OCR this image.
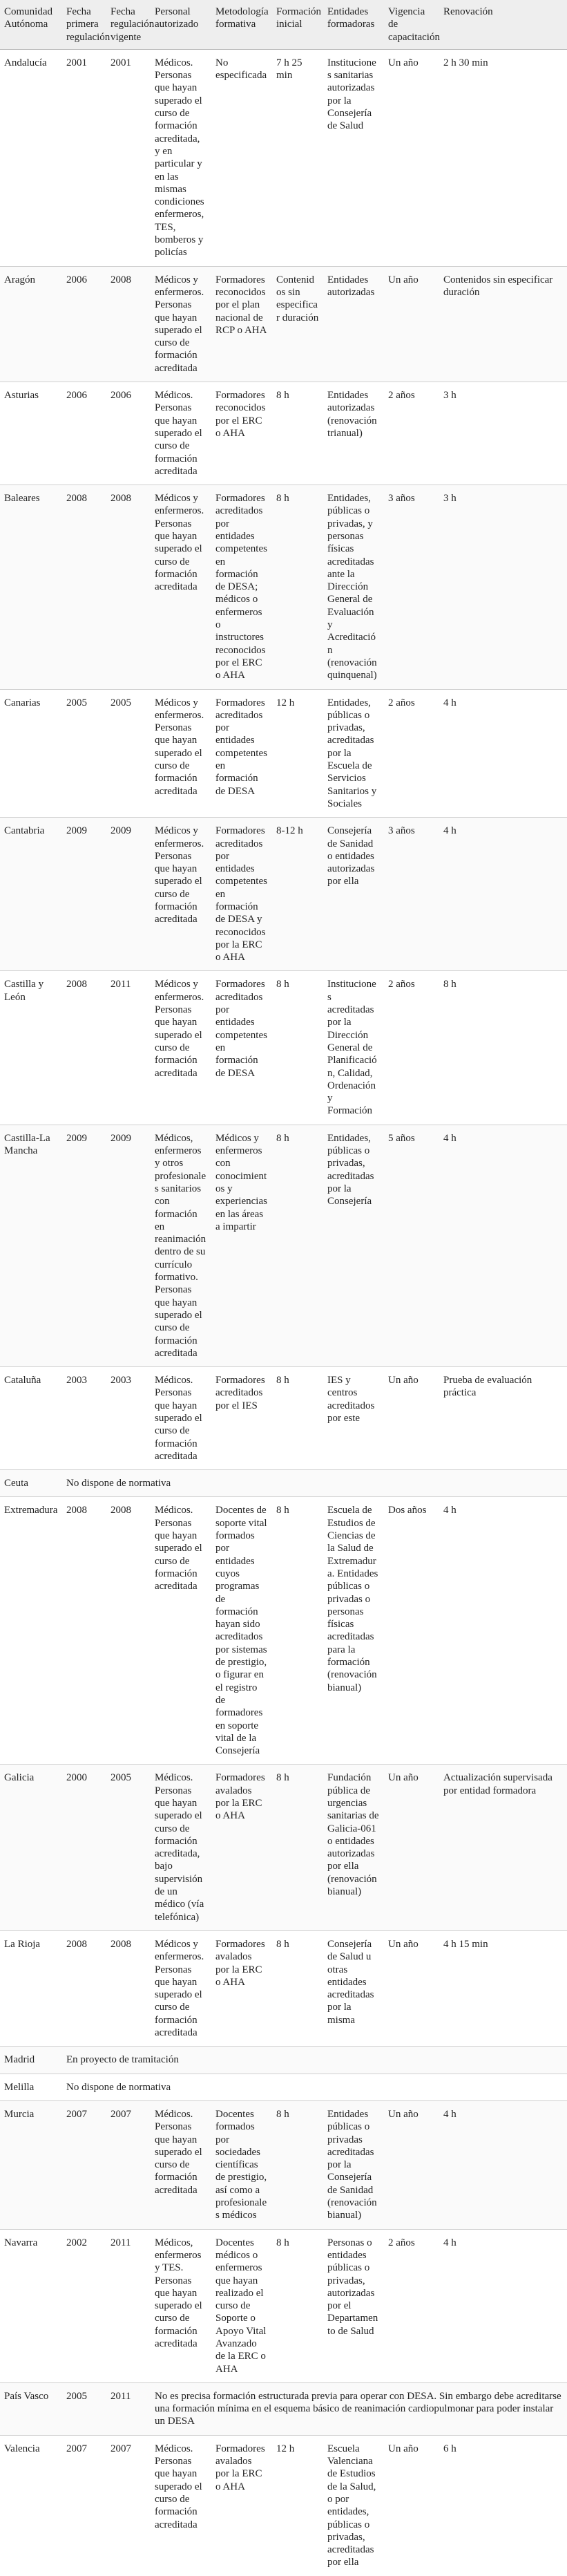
Comunidad Autónoma	Fecha primera regulación	Fecha regulación vigente	Personal autorizado	Metodología formativa	Formación inicial	Entidades formadoras	Vigencia de capacitación	Renovación
Andalucía	2001	2001	Médicos. Personas que hayan superado el curso de formación acreditada, y en particular y en las mismas condiciones enfermeros, TES, bomberos y policías	No especificada	7 h 25 min	Instituciones sanitarias autorizadas por la Consejería de Salud	Un año	2 h 30 min
Aragón	2006	2008	Médicos y enfermeros. Personas que hayan superado el curso de formación acreditada	Formadores reconocidos por el plan nacional de RCP o AHA	Contenidos sin especificar duración	Entidades autorizadas	Un año	Contenidos sin especificar duración
Asturias	2006	2006	Médicos. Personas que hayan superado el curso de formación acreditada	Formadores reconocidos por el ERC o AHA	8 h	Entidades autorizadas (renovación trianual)	2 años	3 h
Baleares	2008	2008	Médicos y enfermeros. Personas que hayan superado el curso de formación acreditada	Formadores acreditados por entidades competentes en formación de DESA; médicos o enfermeros o instructores reconocidos por el ERC o AHA	8 h	Entidades, públicas o privadas, y personas físicas acreditadas ante la Dirección General de Evaluación y Acreditación (renovación quinquenal)	3 años	3 h
Canarias	2005	2005	Médicos y enfermeros. Personas que hayan superado el curso de formación acreditada	Formadores acreditados por entidades competentes en formación de DESA	12 h	Entidades, públicas o privadas, acreditadas por la Escuela de Servicios Sanitarios y Sociales	2 años	4 h
Cantabria	2009	2009	Médicos y enfermeros. Personas que hayan superado el curso de formación acreditada	Formadores acreditados por entidades competentes en formación de DESA y reconocidos por la ERC o AHA	8-12 h	Consejería de Sanidad o entidades autorizadas por ella	3 años	4 h
Castilla y León	2008	2011	Médicos y enfermeros. Personas que hayan superado el curso de formación acreditada	Formadores acreditados por entidades competentes en formación de DESA	8 h	Instituciones acreditadas por la Dirección General de Planificación, Calidad, Ordenación y Formación	2 años	8 h
Castilla-La Mancha	2009	2009	Médicos, enfermeros y otros profesionales sanitarios con formación en reanimación dentro de su currículo formativo. Personas que hayan superado el curso de formación acreditada	Médicos y enfermeros con conocimientos y experiencias en las áreas a impartir	8 h	Entidades, públicas o privadas, acreditadas por la Consejería	5 años	4 h
Cataluña	2003	2003	Médicos. Personas que hayan superado el curso de formación acreditada	Formadores acreditados por el IES	8 h	IES y centros acreditados por este	Un año	Prueba de evaluación práctica
Ceuta	No dispone de normativa							
Extremadura	2008	2008	Médicos. Personas que hayan superado el curso de formación acreditada	Docentes de soporte vital formados por entidades cuyos programas de formación hayan sido acreditados por sistemas de prestigio, o figurar en el registro de formadores en soporte vital de la Consejería	8 h	Escuela de Estudios de Ciencias de la Salud de Extremadura. Entidades públicas o privadas o personas físicas acreditadas para la formación (renovación bianual)	Dos años	4 h
Galicia	2000	2005	Médicos. Personas que hayan superado el curso de formación acreditada, bajo supervisión de un médico (vía telefónica)	Formadores avalados por la ERC o AHA	8 h	Fundación pública de urgencias sanitarias de Galicia-061 o entidades autorizadas por ella (renovación bianual)	Un año	Actualización supervisada por entidad formadora
La Rioja	2008	2008	Médicos y enfermeros. Personas que hayan superado el curso de formación acreditada	Formadores avalados por la ERC o AHA	8 h	Consejería de Salud u otras entidades acreditadas por la misma	Un año	4 h 15 min
Madrid	En proyecto de tramitación							
Melilla	No dispone de normativa							
Murcia	2007	2007	Médicos. Personas que hayan superado el curso de formación acreditada	Docentes formados por sociedades científicas de prestigio, así como a profesionales médicos	8 h	Entidades públicas o privadas acreditadas por la Consejería de Sanidad (renovación bianual)	Un año	4 h
Navarra	2002	2011	Médicos, enfermeros y TES. Personas que hayan superado el curso de formación acreditada	Docentes médicos o enfermeros que hayan realizado el curso de Soporte o Apoyo Vital Avanzado de la ERC o AHA	8 h	Personas o entidades públicas o privadas, autorizadas por el Departamento de Salud	2 años	4 h
País Vasco	2005	2011	No es precisa formación estructurada previa para operar con DESA. Sin embargo debe acreditarse una formación mínima en el esquema básico de reanimación cardiopulmonar para poder instalar un DESA					
Valencia	2007	2007	Médicos. Personas que hayan superado el curso de formación acreditada	Formadores avalados por la ERC o AHA	12 h	Escuela Valenciana de Estudios de la Salud, o por entidades, públicas o privadas, acreditadas por ella	Un año	6 h
